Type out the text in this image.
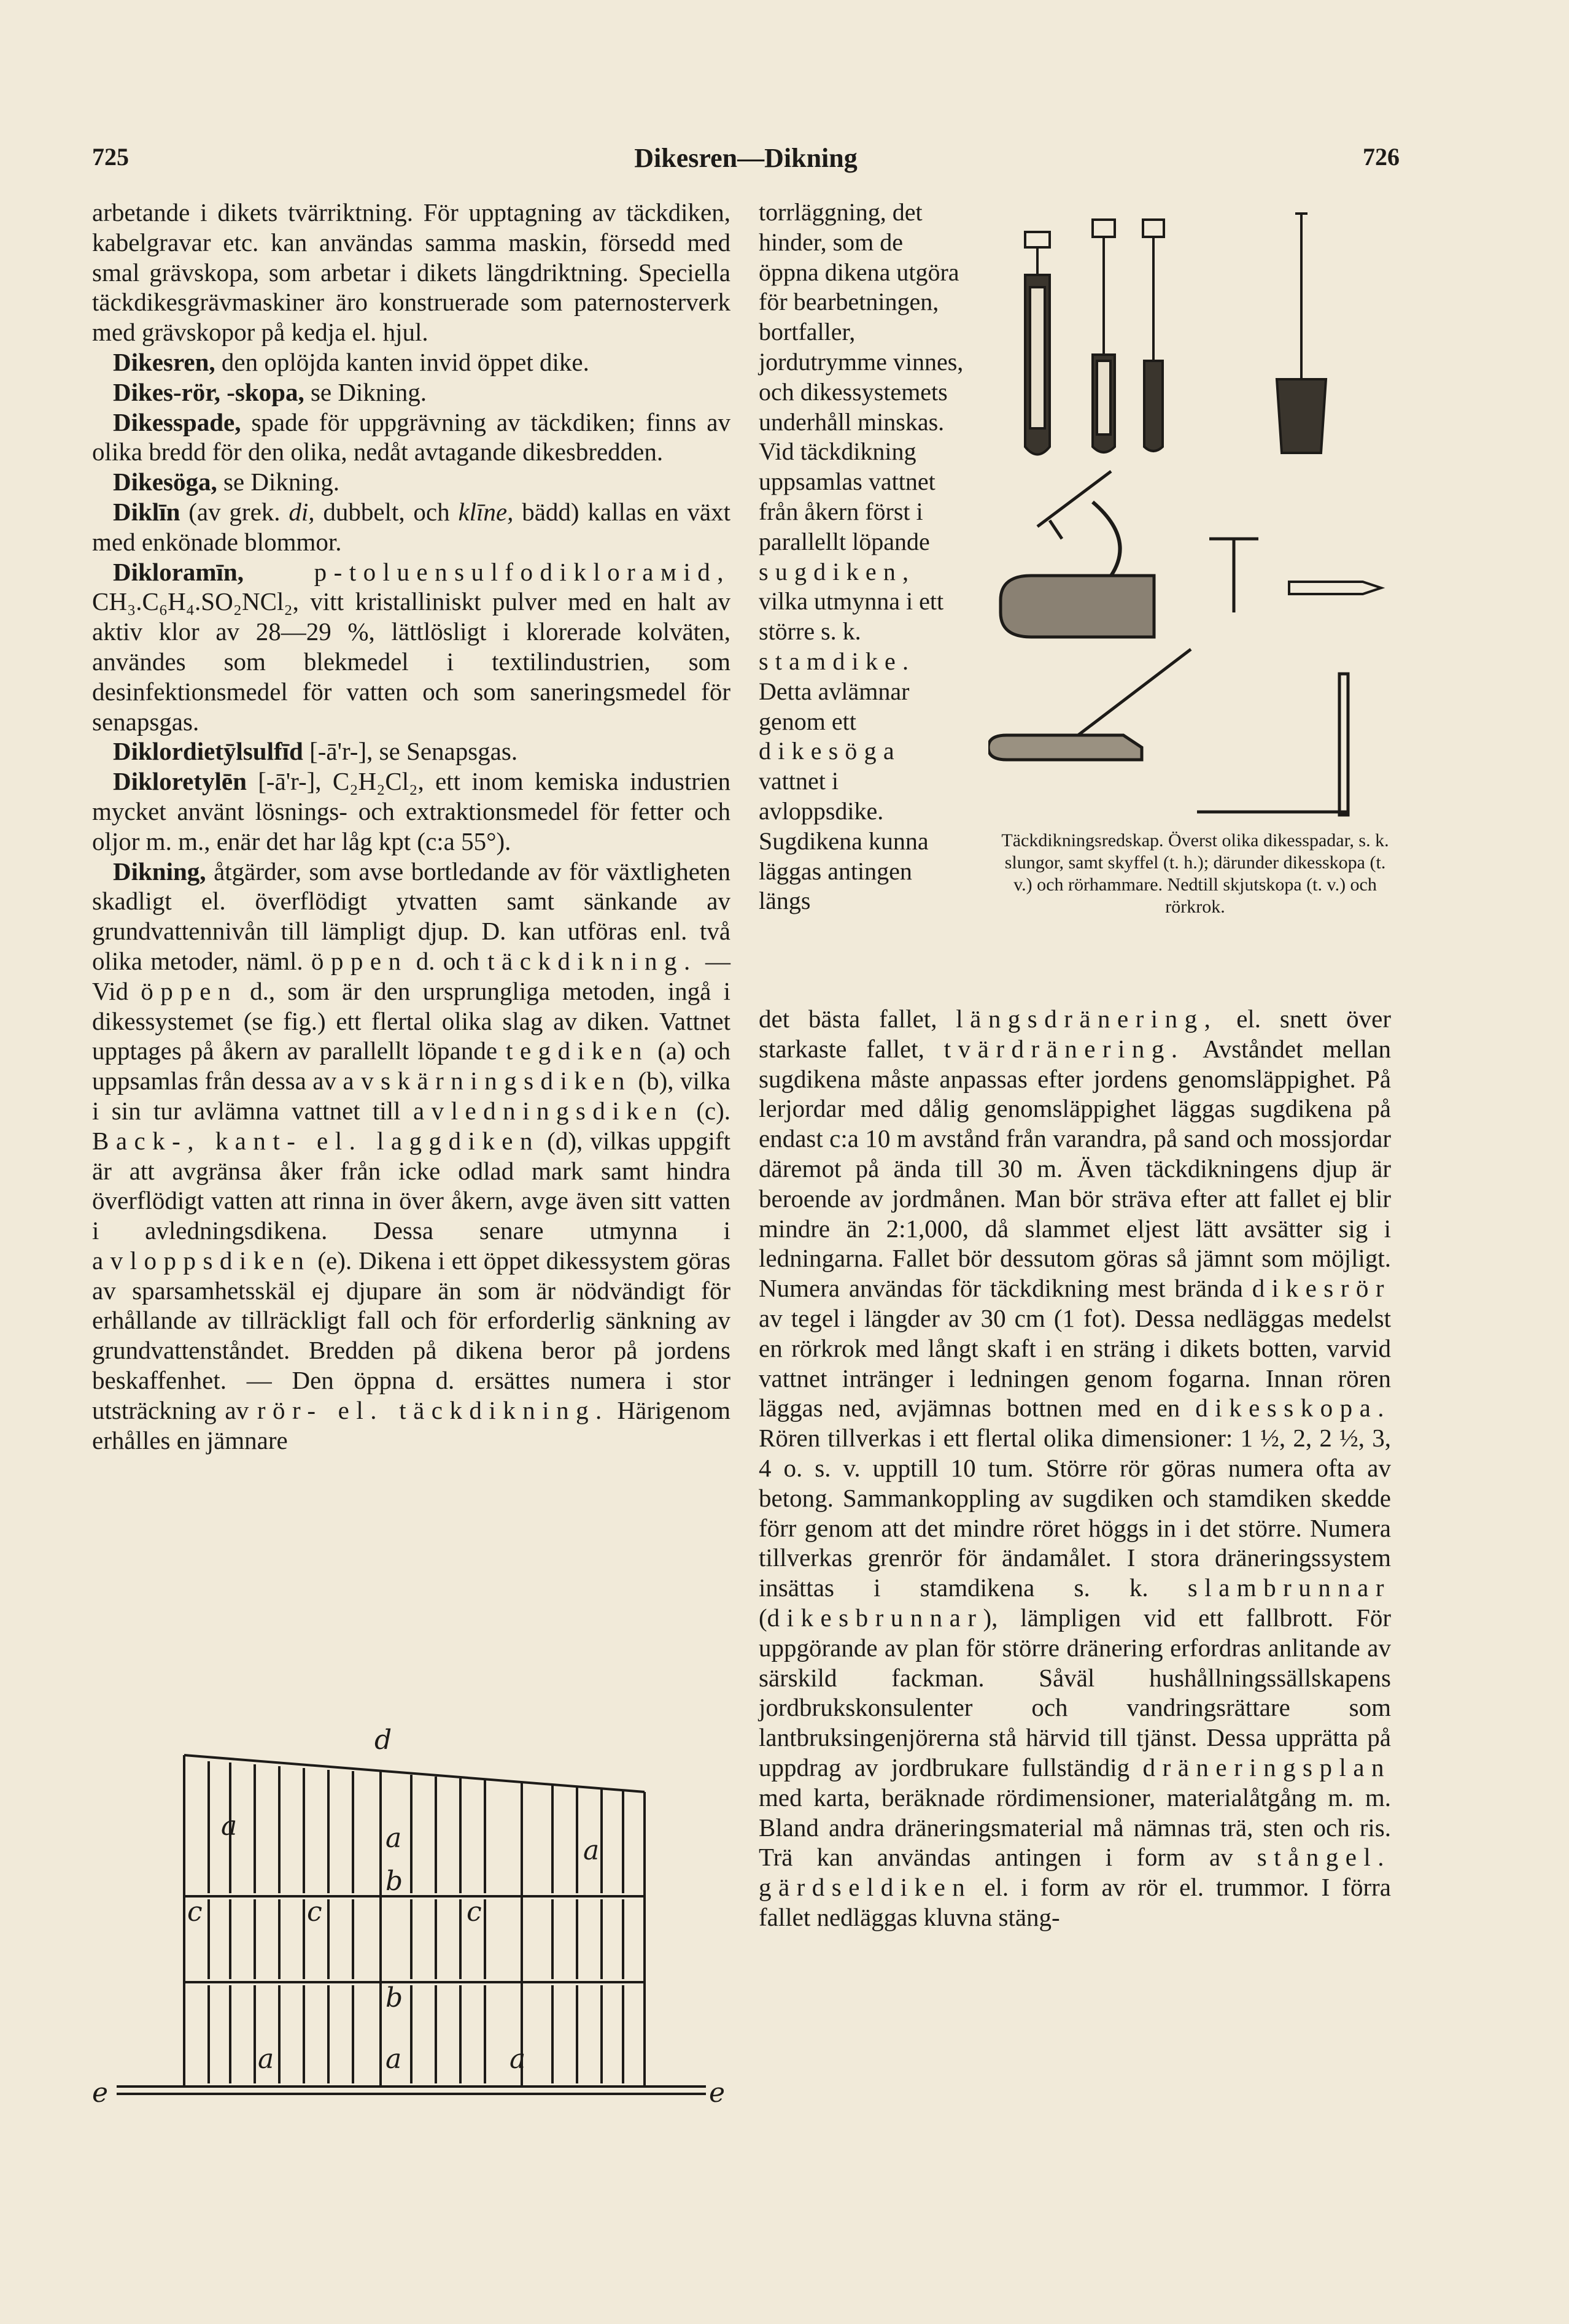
725	Dikesren—Dikning	726

arbetande i dikets tvärriktning. För upptagning av täckdiken, kabelgravar etc. kan användas samma maskin, försedd med smal grävskopa, som arbetar i dikets längdriktning. Speciella täckdikesgrävmaskiner äro konstruerade som paternosterverk med grävskopor på kedja el. hjul.

Dikesren, den oplöjda kanten invid öppet dike.

Dikes-rör, -skopa, se Dikning.

Dikesspade, spade för uppgrävning av täckdiken; finns av olika bredd för den olika, nedåt avtagande dikesbredden.

Dikesöga, se Dikning.

Diklīn (av grek. di, dubbelt, och klīne, bädd) kallas en växt med enkönade blommor.

Dikloramīn, p-toluensulfodiklorамid, CH₃.C₆H₄.SO₂NCl₂, vitt kristalliniskt pulver med en halt av aktiv klor av 28—29 %, lättlösligt i klorerade kolväten, användes som blekmedel i textilindustrien, som desinfektionsmedel för vatten och som saneringsmedel för senapsgas.

Diklordietȳlsulfīd [-ā'r-], se Senapsgas.

Dikloretylēn [-ā'r-], C₂H₂Cl₂, ett inom kemiska industrien mycket använt lösnings- och extraktionsmedel för fetter och oljor m. m., enär det har låg kpt (c:a 55°).

Dikning, åtgärder, som avse bortledande av för växtligheten skadligt el. överflödigt ytvatten samt sänkande av grundvattennivån till lämpligt djup. D. kan utföras enl. två olika metoder, näml. öppen d. och täckdikning. — Vid öppen d., som är den ursprungliga metoden, ingå i dikessystemet (se fig.) ett flertal olika slag av diken. Vattnet upptages på åkern av parallellt löpande tegdiken (a) och uppsamlas från dessa av avskärningsdiken (b), vilka i sin tur avlämna vattnet till avledningsdiken (c). Back-, kant- el. laggdiken (d), vilkas uppgift är att avgränsa åker från icke odlad mark samt hindra överflödigt vatten att rinna in över åkern, avge även sitt vatten i avledningsdikena. Dessa senare utmynna i avloppsdiken (e). Dikena i ett öppet dikessystem göras av sparsamhetsskäl ej djupare än som är nödvändigt för erhållande av tillräckligt fall och för erforderlig sänkning av grundvattenståndet. Bredden på dikena beror på jordens beskaffenhet. — Den öppna d. ersättes numera i stor utsträckning av rör- el. täckdikning. Härigenom erhålles en jämnare

torrläggning, det hinder, som de öppna dikena utgöra för bearbetningen, bortfaller, jordutrymme vinnes, och dikessystemets underhåll minskas. Vid täckdikning uppsamlas vattnet från åkern först i parallellt löpande sugdiken, vilka utmynna i ett större s. k. stamdike. Detta avlämnar genom ett dikesöga vattnet i avloppsdike. Sugdikena kunna läggas antingen längs

Täckdikningsredskap. Överst olika dikesspadar, s. k. slungor, samt skyffel (t. h.); därunder dikesskopa (t. v.) och rörhammare. Nedtill skjutskopa (t. v.) och rörkrok.

det bästa fallet, längsdränering, el. snett över starkaste fallet, tvärdränering. Avståndet mellan sugdikena måste anpassas efter jordens genomsläppighet. På lerjordar med dålig genomsläppighet läggas sugdikena på endast c:a 10 m avstånd från varandra, på sand och mossjordar däremot på ända till 30 m. Även täckdikningens djup är beroende av jordmånen. Man bör sträva efter att fallet ej blir mindre än 2:1,000, då slammet eljest lätt avsätter sig i ledningarna. Fallet bör dessutom göras så jämnt som möjligt. Numera användas för täckdikning mest brända dikesrör av tegel i längder av 30 cm (1 fot). Dessa nedläggas medelst en rörkrok med långt skaft i en sträng i dikets botten, varvid vattnet intränger i ledningen genom fogarna. Innan rören läggas ned, avjämnas bottnen med en dikesskopa. Rören tillverkas i ett flertal olika dimensioner: 1 ½, 2, 2 ½, 3, 4 o. s. v. upptill 10 tum. Större rör göras numera ofta av betong. Sammankoppling av sugdiken och stamdiken skedde förr genom att det mindre röret höggs in i det större. Numera tillverkas grenrör för ändamålet. I stora dräneringssystem insättas i stamdikena s. k. slambrunnar (dikesbrunnar), lämpligen vid ett fallbrott. För uppgörande av plan för större dränering erfordras anlitande av särskild fackman. Såväl hushållningssällskapens jordbrukskonsulenter och vandringsrättare som lantbruksingenjörerna stå härvid till tjänst. Dessa upprätta på uppdrag av jordbrukare fullständig dräneringsplan med karta, beräknade rördimensioner, materialåtgång m. m. Bland andra dräneringsmaterial må nämnas trä, sten och ris. Trä kan användas antingen i form av stångel. gärdseldiken el. i form av rör el. trummor. I förra fallet nedläggas kluvna stäng-

d
a	a	a
b
c	c	c
b
a	a	a
e	e
